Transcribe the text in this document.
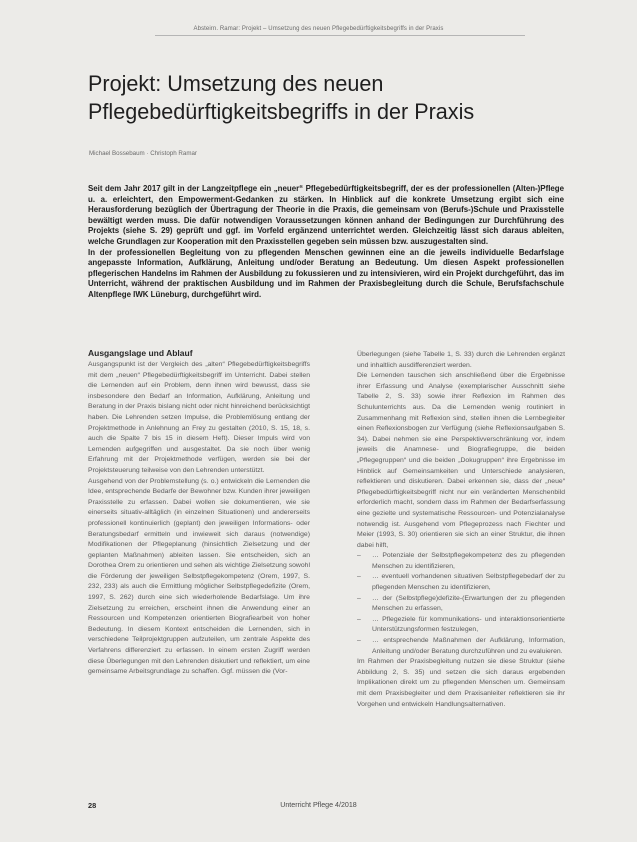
Absteirn. Ramar: Projekt – Umsetzung des neuen Pflegebedürftigkeitsbegriffs in der Praxis
Projekt: Umsetzung des neuen
Pflegebedürftigkeitsbegriffs in der Praxis
Michael Bossebaum · Christoph Ramar

Seit dem Jahr 2017 gilt in der Langzeitpflege ein „neuer“ Pflegebedürftigkeitsbegriff, der es der professionellen (Alten-)Pflege u. a. erleichtert, den Empowerment-Gedanken zu stärken. In Hinblick auf die konkrete Umsetzung ergibt sich eine Herausforderung bezüglich der Übertragung der Theorie in die Praxis, die gemeinsam von (Berufs-)Schule und Praxisstelle bewältigt werden muss. Die dafür notwendigen Voraussetzungen können anhand der Bedingungen zur Durchführung des Projekts (siehe S. 29) geprüft und ggf. im Vorfeld ergänzend unterrichtet werden. Gleichzeitig lässt sich daraus ableiten, welche Grundlagen zur Kooperation mit den Praxisstellen gegeben sein müssen bzw. auszugestalten sind.

In der professionellen Begleitung von zu pflegenden Menschen gewinnen eine an die jeweils individuelle Bedarfslage angepasste Information, Aufklärung, Anleitung und/oder Beratung an Bedeutung. Um diesen Aspekt professionellen pflegerischen Handelns im Rahmen der Ausbildung zu fokussieren und zu intensivieren, wird ein Projekt durchgeführt, das im Unterricht, während der praktischen Ausbildung und im Rahmen der Praxisbegleitung durch die Schule, Berufsfachschule Altenpflege IWK Lüneburg, durchgeführt wird.

Ausgangslage und Ablauf

Ausgangspunkt ist der Vergleich des „alten“ Pflegebedürftigkeitsbegriffs mit dem „neuen“ Pflegebedürftigkeitsbegriff im Unterricht. Dabei stellen die Lernenden auf ein Problem, denn ihnen wird bewusst, dass sie insbesondere den Bedarf an Information, Aufklärung, Anleitung und Beratung in der Praxis bislang nicht oder nicht hinreichend berücksichtigt haben. Die Lehrenden setzen Impulse, die Problemlösung entlang der Projektmethode in Anlehnung an Frey zu gestalten (2010, S. 15, 18, s. auch die Spalte 7 bis 15 in diesem Heft). Dieser Impuls wird von Lernenden aufgegriffen und ausgestaltet. Da sie noch über wenig Erfahrung mit der Projektmethode verfügen, werden sie bei der Projektsteuerung teilweise von den Lehrenden unterstützt.

Ausgehend von der Problemstellung (s. o.) entwickeln die Lernenden die Idee, entsprechende Bedarfe der Bewohner bzw. Kunden ihrer jeweiligen Praxisstelle zu erfassen. Dabei wollen sie dokumentieren, wie sie einerseits situativ-alltäglich (in einzelnen Situationen) und andererseits professionell kontinuierlich (geplant) den jeweiligen Informations- oder Beratungsbedarf ermitteln und inwieweit sich daraus (notwendige) Modifikationen der Pflegeplanung (hinsichtlich Zielsetzung und der geplanten Maßnahmen) ableiten lassen. Sie entscheiden, sich an Dorothea Orem zu orientieren und sehen als wichtige Zielsetzung sowohl die Förderung der jeweiligen Selbstpflegekompetenz (Orem, 1997, S. 232, 233) als auch die Ermittlung möglicher Selbstpflegedefizite (Orem, 1997, S. 262) durch eine sich wiederholende Bedarfslage. Um ihre Zielsetzung zu erreichen, erscheint ihnen die Anwendung einer an Ressourcen und Kompetenzen orientierten Biografiearbeit von hoher Bedeutung. In diesem Kontext entscheiden die Lernenden, sich in verschiedene Teilprojektgruppen aufzuteilen, um zentrale Aspekte des Verfahrens differenziert zu erfassen. In einem ersten Zugriff werden diese Überlegungen mit den Lehrenden diskutiert und reflektiert, um eine gemeinsame Arbeitsgrundlage zu schaffen. Ggf. müssen die (Vor-

Überlegungen (siehe Tabelle 1, S. 33) durch die Lehrenden ergänzt und inhaltlich ausdifferenziert werden.

Die Lernenden tauschen sich anschließend über die Ergebnisse ihrer Erfassung und Analyse (exemplarischer Ausschnitt siehe Tabelle 2, S. 33) sowie ihrer Reflexion im Rahmen des Schulunterrichts aus. Da die Lernenden wenig routiniert in Zusammenhang mit Reflexion sind, stellen ihnen die Lernbegleiter einen Reflexionsbogen zur Verfügung (siehe Reflexionsaufgaben S. 34). Dabei nehmen sie eine Perspektivverschränkung vor, indem jeweils die Anamnese- und Biografiegruppe, die beiden „Pflegegruppen“ und die beiden „Dokugruppen“ ihre Ergebnisse im Hinblick auf Gemeinsamkeiten und Unterschiede analysieren, reflektieren und diskutieren. Dabei erkennen sie, dass der „neue“ Pflegebedürftigkeitsbegriff nicht nur ein veränderten Menschenbild erforderlich macht, sondern dass im Rahmen der Bedarfserfassung eine gezielte und systematische Ressourcen- und Potenzialanalyse notwendig ist. Ausgehend vom Pflegeprozess nach Fiechter und Meier (1993, S. 30) orientieren sie sich an einer Struktur, die ihnen dabei hilft,

– … Potenziale der Selbstpflegekompetenz des zu pflegenden Menschen zu identifizieren,
– … eventuell vorhandenen situativen Selbstpflegebedarf der zu pflegenden Menschen zu identifizieren,
– … der (Selbstpflege)defizite-(Erwartungen der zu pflegenden Menschen zu erfassen,
– … Pflegeziele für kommunikations- und interaktionsorientierte Unterstützungsformen festzulegen,
– … entsprechende Maßnahmen der Aufklärung, Information, Anleitung und/oder Beratung durchzuführen und zu evaluieren.

Im Rahmen der Praxisbegleitung nutzen sie diese Struktur (siehe Abbildung 2, S. 35) und setzen die sich daraus ergebenden Implikationen direkt um zu pflegenden Menschen um. Gemeinsam mit dem Praxisbegleiter und dem Praxisanleiter reflektieren sie ihr Vorgehen und entwickeln Handlungsalternativen.

28	Unterricht Pflege 4/2018
